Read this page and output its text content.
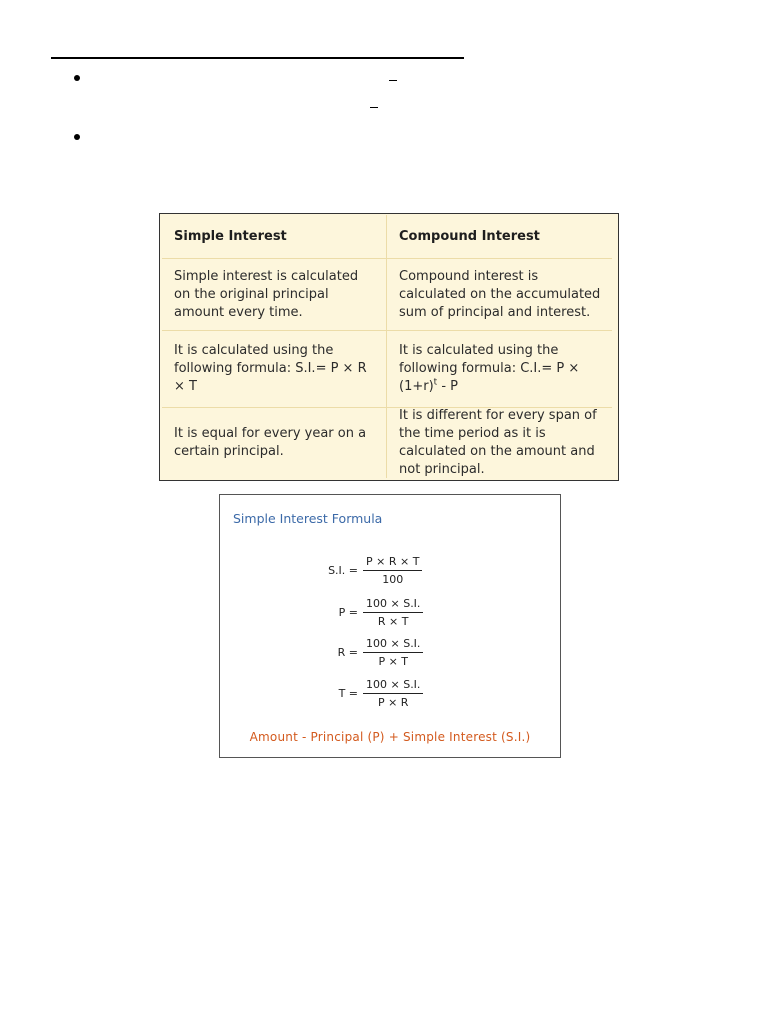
Simple Interest	Compound Interest
Simple interest is calculated on the original principal amount every time.
Compound interest is calculated on the accumulated sum of principal and interest.
It is calculated using the following formula: S.I.= P × R × T
It is calculated using the following formula: $C.I.= P \times (1+r)^t - P$
It is equal for every year on a certain principal.
It is different for every span of the time period as it is calculated on the amount and not principal.
Simple Interest Formula
S.I. = $\frac{P \times R \times T}{100}$
$P = \frac{100 \times S.I.}{R \times T}$
$R = \frac{100 \times S.I.}{P \times T}$
$T = \frac{100 \times S.I.}{P \times R}$
Amount - Principal (P) + Simple Interest (S.I.)
